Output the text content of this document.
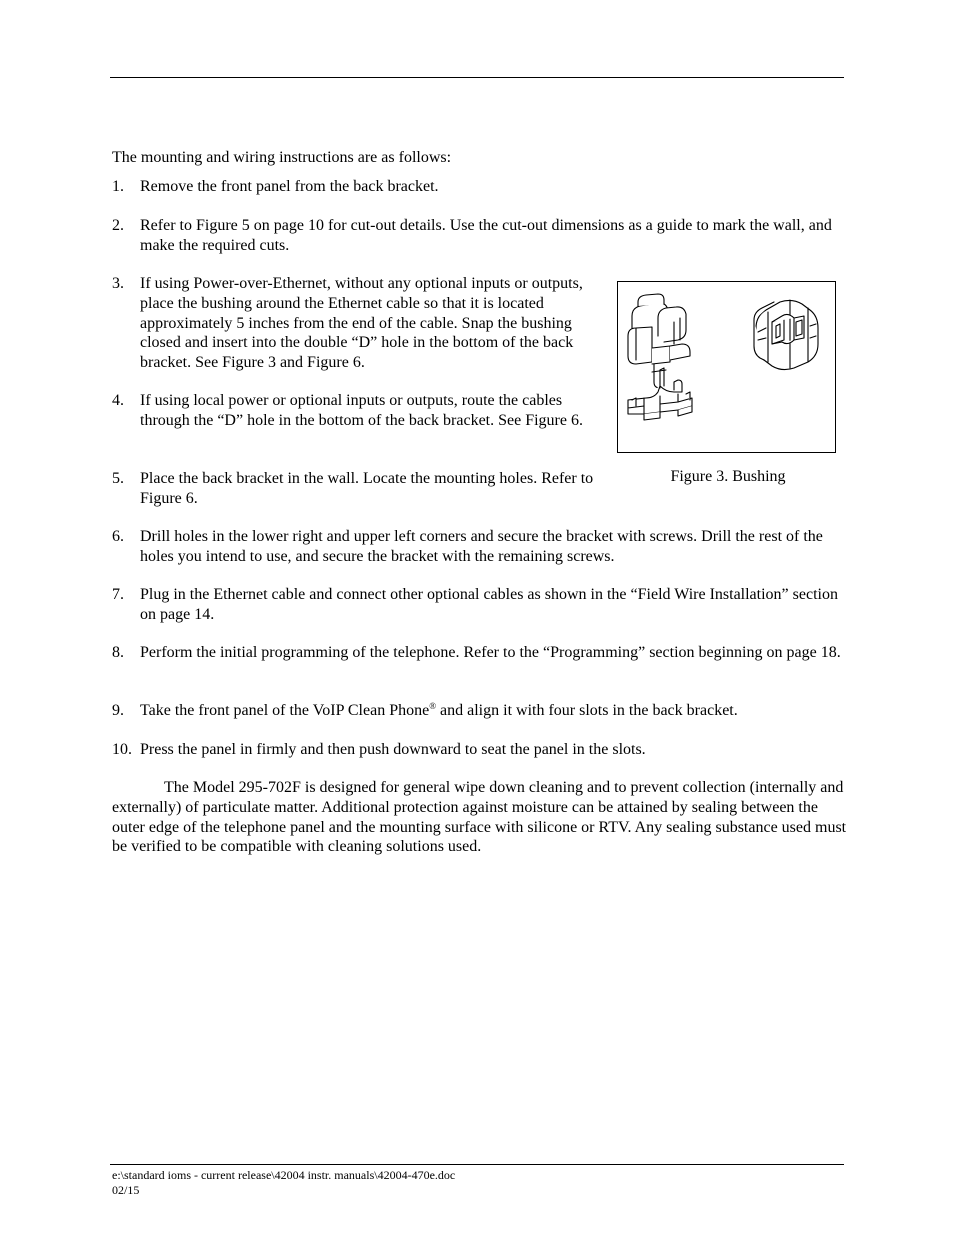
The mounting and wiring instructions are as follows:
1.	Remove the front panel from the back bracket.
2.	Refer to Figure 5 on page 10 for cut-out details. Use the cut-out dimensions as a guide to mark the wall, and make the required cuts.
3.	If using Power-over-Ethernet, without any optional inputs or outputs, place the bushing around the Ethernet cable so that it is located approximately 5 inches from the end of the cable. Snap the bushing closed and insert into the double “D” hole in the bottom of the back bracket. See Figure 3 and Figure 6.
4.	If using local power or optional inputs or outputs, route the cables through the “D” hole in the bottom of the back bracket. See Figure 6.
5.	Place the back bracket in the wall. Locate the mounting holes. Refer to Figure 6.
6.	Drill holes in the lower right and upper left corners and secure the bracket with screws. Drill the rest of the holes you intend to use, and secure the bracket with the remaining screws.
7.	Plug in the Ethernet cable and connect other optional cables as shown in the “Field Wire Installation” section on page 14.
8.	Perform the initial programming of the telephone. Refer to the “Programming” section beginning on page 18.
9.	Take the front panel of the VoIP Clean Phone® and align it with four slots in the back bracket.
10. Press the panel in firmly and then push downward to seat the panel in the slots.
The Model 295-702F is designed for general wipe down cleaning and to prevent collection (internally and externally) of particulate matter. Additional protection against moisture can be attained by sealing between the outer edge of the telephone panel and the mounting surface with silicone or RTV. Any sealing substance used must be verified to be compatible with cleaning solutions used.
Figure 3. Bushing
e:\standard ioms - current release\42004 instr. manuals\42004-470e.doc
02/15
